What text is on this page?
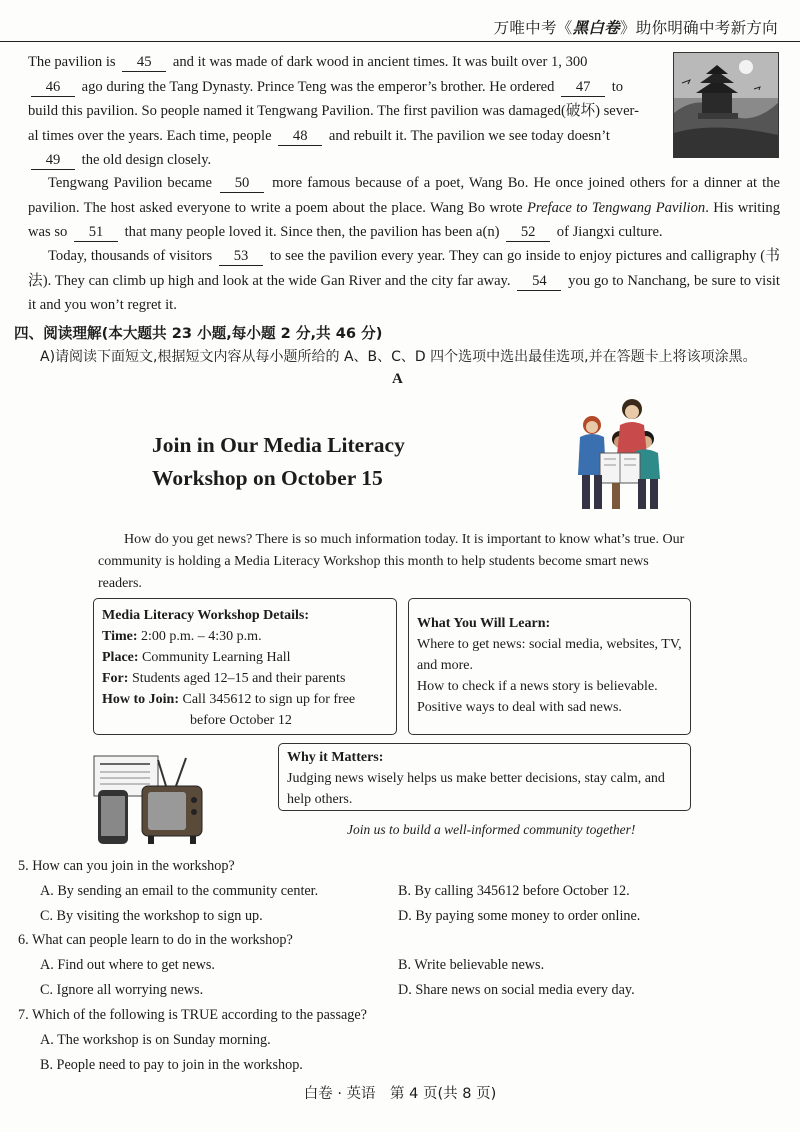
万唯中考《黑白卷》助你明确中考新方向
The pavilion is 45 and it was made of dark wood in ancient times. It was built over 1, 300
46 ago during the Tang Dynasty. Prince Teng was the emperor’s brother. He ordered 47 to
build this pavilion. So people named it Tengwang Pavilion. The first pavilion was damaged(破坏) sever-
al times over the years. Each time, people 48 and rebuilt it. The pavilion we see today doesn’t
49 the old design closely.
Tengwang Pavilion became 50 more famous because of a poet, Wang Bo. He once joined others for a dinner at the pavilion. The host asked everyone to write a poem about the place. Wang Bo wrote Preface to Tengwang Pavilion. His writing was so 51 that many people loved it. Since then, the pavilion has been a(n) 52 of Jiangxi culture.
Today, thousands of visitors 53 to see the pavilion every year. They can go inside to enjoy pictures and calligraphy (书法). They can climb up high and look at the wide Gan River and the city far away. 54 you go to Nanchang, be sure to visit it and you won’t regret it.
四、阅读理解(本大题共 23 小题,每小题 2 分,共 46 分)
A)请阅读下面短文,根据短文内容从每小题所给的 A、B、C、D 四个选项中选出最佳选项,并在答题卡上将该项涂黑。
A
Join in Our Media Literacy
Workshop on October 15
How do you get news? There is so much information today. It is important to know what’s true. Our community is holding a Media Literacy Workshop this month to help students become smart news readers.
Media Literacy Workshop Details:
Time: 2:00 p.m. – 4:30 p.m.
Place: Community Learning Hall
For: Students aged 12–15 and their parents
How to Join: Call 345612 to sign up for free
before October 12
What You Will Learn:
Where to get news: social media, websites, TV, and more.
How to check if a news story is believable.
Positive ways to deal with sad news.
Why it Matters:
Judging news wisely helps us make better decisions, stay calm, and help others.
Join us to build a well-informed community together!
5. How can you join in the workshop?
A. By sending an email to the community center.	B. By calling 345612 before October 12.
C. By visiting the workshop to sign up.	D. By paying some money to order online.
6. What can people learn to do in the workshop?
A. Find out where to get news.	B. Write believable news.
C. Ignore all worrying news.	D. Share news on social media every day.
7. Which of the following is TRUE according to the passage?
A. The workshop is on Sunday morning.
B. People need to pay to join in the workshop.
白卷 · 英语　第 4 页(共 8 页)
